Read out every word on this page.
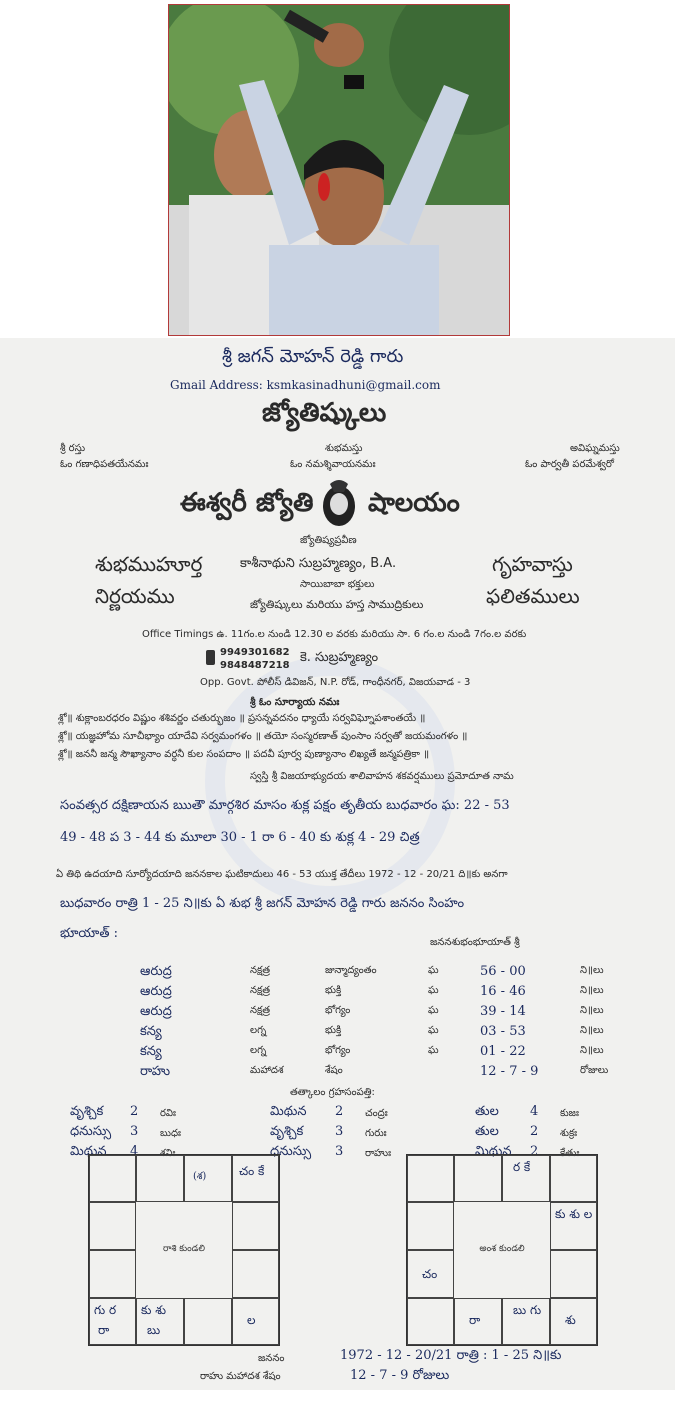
శ్రీ జగన్ మోహన్ రెడ్డి గారు
Gmail Address: ksmkasinadhuni@gmail.com
జ్యోతిష్కులు
శ్రీ రస్తు
ఓం గణాధిపతయేనమః
శుభమస్తు
ఓం నమశ్శివాయనమః
అవిఘ్నమస్తు
ఓం పార్వతీ పరమేశ్వరో
ఈశ్వరీ జ్యోతి షాలయం
జ్యోతిష్యప్రవీణ
శుభముహూర్త	కాశీనాథుని సుబ్రహ్మణ్యం, B.A.	గృహవాస్తు
సాయిబాబా భక్తులు
నిర్ణయము	జ్యోతిష్కులు మరియు హస్త సాముద్రికులు	ఫలితములు
Office Timings ఉ. 11గం.ల నుండి 12.30 ల వరకు మరియు సా. 6 గం.ల నుండి 7గం.ల వరకు
9949301682
9848487218
కె. సుబ్రహ్మణ్యం
Opp. Govt. పోలీస్ డివిజన్, N.P. రోడ్, గాంధీనగర్, విజయవాడ - 3
శ్రీ ఓం సూర్యాయ నమః
శ్లో॥ శుక్లాంబరధరం విష్ణుం శశివర్ణం చతుర్భుజం ॥ ప్రసన్నవదనం ధ్యాయే సర్వవిఘ్నోపశాంతయే ॥
శ్లో॥ యజ్ఞహోమ సూచీభ్యాం యాదేవి సర్వమంగళం ॥ తయో సంస్మరణాత్ పుంసాం సర్వతో జయమంగళం ॥
శ్లో॥ జననీ జన్మ సౌఖ్యానాం వర్ధనీ కుల సంపదాం ॥ పదవీ పూర్వ పుణ్యానాం లిఖ్యతే జన్మపత్రికా ॥
స్వస్తి శ్రీ విజయాభ్యుదయ శాలివాహన శకవర్షములు ప్రమోదూత నామ
సంవత్సర దక్షిణాయన ఋతౌ మార్గశిర మాసం శుక్ల పక్షం తృతీయ బుధవారం ఘ: 22 - 53
49 - 48 ప 3 - 44 కు మూలా 30 - 1 రా 6 - 40 కు శుక్ల 4 - 29 చిత్ర
ఏ తిథి ఉదయాది సూర్యోదయాది జననకాల ఘటికాదులు 46 - 53 యుక్త తేదీలు 1972 - 12 - 20/21 ది॥కు అనగా
బుధవారం రాత్రి 1 - 25 ని॥కు ఏ శుభ శ్రీ జగన్ మోహన రెడ్డి గారు జననం సింహం
భూయాత్ :
జననశుభంభూయాత్ శ్రీ
ఆరుద్ర	నక్షత్ర	జున్మాద్యంతం	ఘ	56 - 00	ని॥లు
ఆరుద్ర	నక్షత్ర	భుక్తి	ఘ	16 - 46	ని॥లు
ఆరుద్ర	నక్షత్ర	భోగ్యం	ఘ	39 - 14	ని॥లు
కన్య	లగ్న	భుక్తి	ఘ	03 - 53	ని॥లు
కన్య	లగ్న	భోగ్యం	ఘ	01 - 22	ని॥లు
రాహు	మహాదశ	శేషం	12 - 7 - 9	రోజులు
తత్కాలం గ్రహసంపత్తి:
వృశ్చిక 2 రవిః	మిథున 2 చంద్రః	తుల 4 కుజః
ధనుస్సు 3 బుధః	వృశ్చిక 3 గురుః	తుల 2 శుక్రః
మిథున 4 శనిః	ధనుస్సు 3 రాహుః	మిథున 2 కేతుః
(శ)	చం కే
గు ర
రా
కు శు
బు
ల
రాశి కుండలి
ర కే
కు శు ల
చం
రా
బు గు
శు
అంశ కుండలి
జననం	1972 - 12 - 20/21 రాత్రి : 1 - 25 ని॥కు
రాహు మహాదశ శేషం	12 - 7 - 9 రోజులు
